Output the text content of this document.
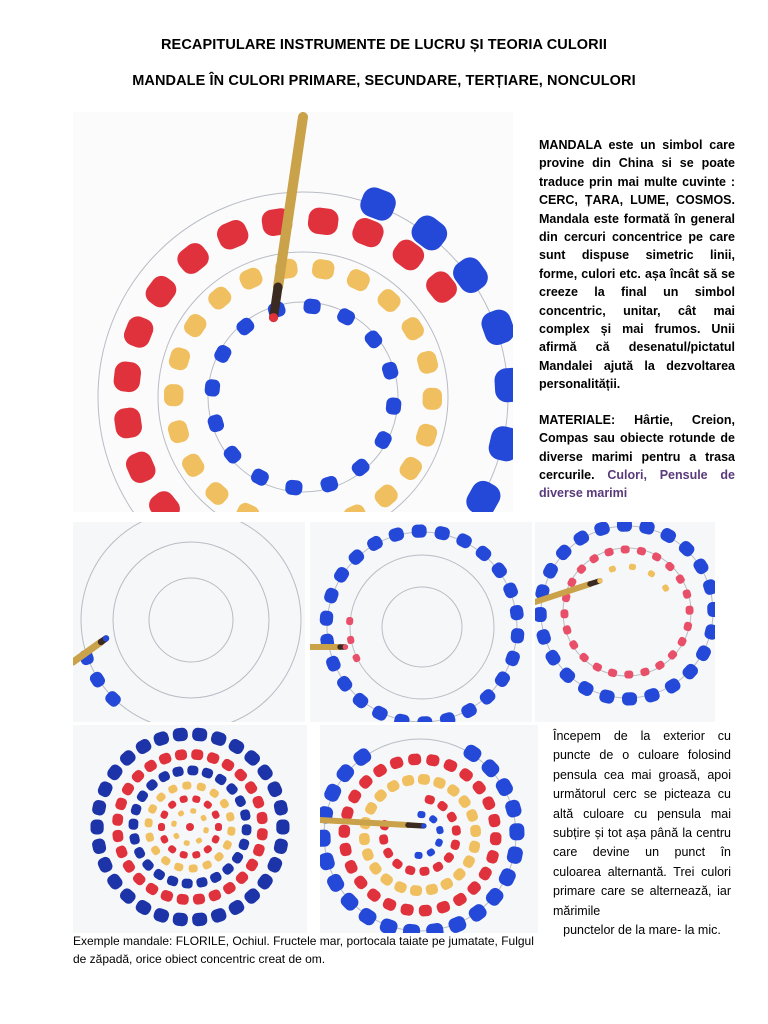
RECAPITULARE INSTRUMENTE DE LUCRU ȘI TEORIA CULORII
MANDALE ÎN CULORI PRIMARE, SECUNDARE, TERȚIARE, NONCULORI

MANDALA este un simbol care provine din China si se poate traduce prin mai multe cuvinte : CERC, ȚARA, LUME, COSMOS. Mandala este formată în general din cercuri concentrice pe care sunt dispuse simetric linii, forme, culori etc. așa încât să se creeze la final un simbol concentric, unitar, cât mai complex și mai frumos. Unii afirmă că desenatul/pictatul Mandalei ajută la dezvoltarea personalității.

MATERIALE: Hârtie, Creion, Compas sau obiecte rotunde de diverse marimi pentru a trasa cercurile. Culori, Pensule de diverse marimi

Începem de la exterior cu puncte de o culoare folosind pensula cea mai groasă, apoi următorul cerc se picteaza cu altă culoare cu pensula mai subțire și tot așa până la centru care devine un punct în culoarea alternantă. Trei culori primare care se alternează, iar mărimile
punctelor de la mare- la mic.
Exemple mandale: FLORILE, Ochiul. Fructele mar, portocala taiate pe jumatate, Fulgul de zăpadă, orice obiect concentric creat de om.
